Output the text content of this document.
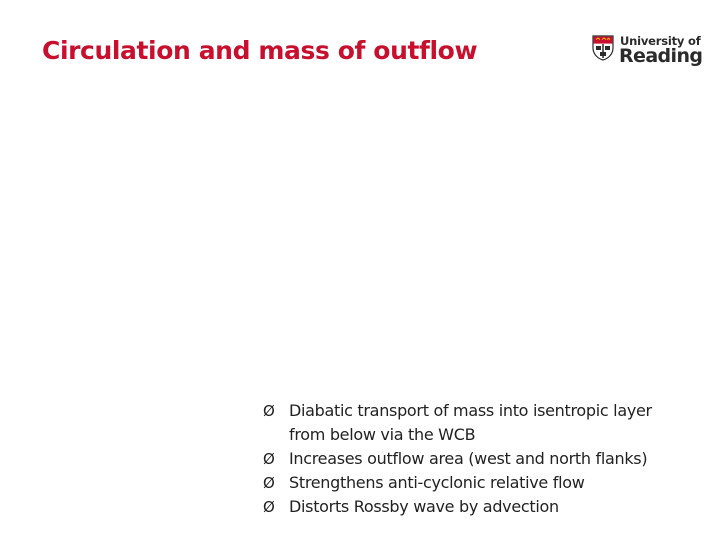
Circulation and mass of outflow	University of
Reading
Ø Diabatic transport of mass into isentropic layer
from below via the WCB
Ø Increases outflow area (west and north flanks)
Ø Strengthens anti-cyclonic relative flow
Ø Distorts Rossby wave by advection
